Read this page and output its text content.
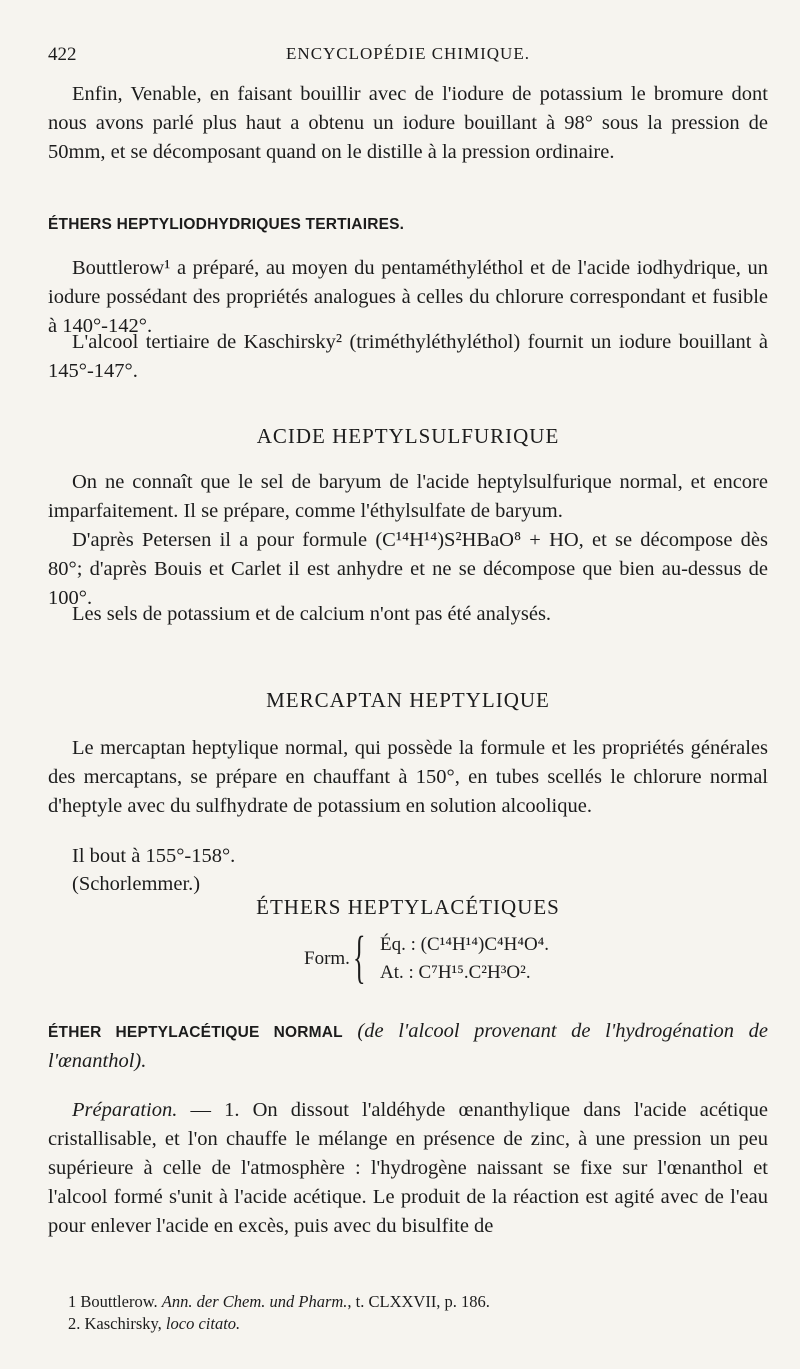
422	ENCYCLOPÉDIE CHIMIQUE.

Enfin, Venable, en faisant bouillir avec de l'iodure de potassium le bromure dont nous avons parlé plus haut a obtenu un iodure bouillant à 98° sous la pression de 50mm, et se décomposant quand on le distille à la pression ordinaire.

ÉTHERS HEPTYLIODHYDRIQUES TERTIAIRES.

Bouttlerow¹ a préparé, au moyen du pentaméthyléthol et de l'acide iodhydrique, un iodure possédant des propriétés analogues à celles du chlorure correspondant et fusible à 140°-142°.

L'alcool tertiaire de Kaschirsky² (triméthyléthyléthol) fournit un iodure bouillant à 145°-147°.

ACIDE HEPTYLSULFURIQUE

On ne connaît que le sel de baryum de l'acide heptylsulfurique normal, et encore imparfaitement. Il se prépare, comme l'éthylsulfate de baryum.

D'après Petersen il a pour formule (C¹⁴H¹⁴)S²HBaO⁸ + HO, et se décompose dès 80°; d'après Bouis et Carlet il est anhydre et ne se décompose que bien au-dessus de 100°.

Les sels de potassium et de calcium n'ont pas été analysés.

MERCAPTAN HEPTYLIQUE

Le mercaptan heptylique normal, qui possède la formule et les propriétés générales des mercaptans, se prépare en chauffant à 150°, en tubes scellés le chlorure normal d'heptyle avec du sulfhydrate de potassium en solution alcoolique.

Il bout à 155°-158°.

(Schorlemmer.)

ÉTHERS HEPTYLACÉTIQUES
Form. { Éq. : (C¹⁴H¹⁴)C⁴H⁴O⁴.
At. : C⁷H¹⁵.C²H³O².

ÉTHER HEPTYLACÉTIQUE NORMAL (de l'alcool provenant de l'hydrogénation de l'œnanthol).

Préparation. — 1. On dissout l'aldéhyde œnanthylique dans l'acide acétique cristallisable, et l'on chauffe le mélange en présence de zinc, à une pression un peu supérieure à celle de l'atmosphère : l'hydrogène naissant se fixe sur l'œnanthol et l'alcool formé s'unit à l'acide acétique. Le produit de la réaction est agité avec de l'eau pour enlever l'acide en excès, puis avec du bisulfite de

1 Bouttlerow. Ann. der Chem. und Pharm., t. CLXXVII, p. 186.
2. Kaschirsky, loco citato.
